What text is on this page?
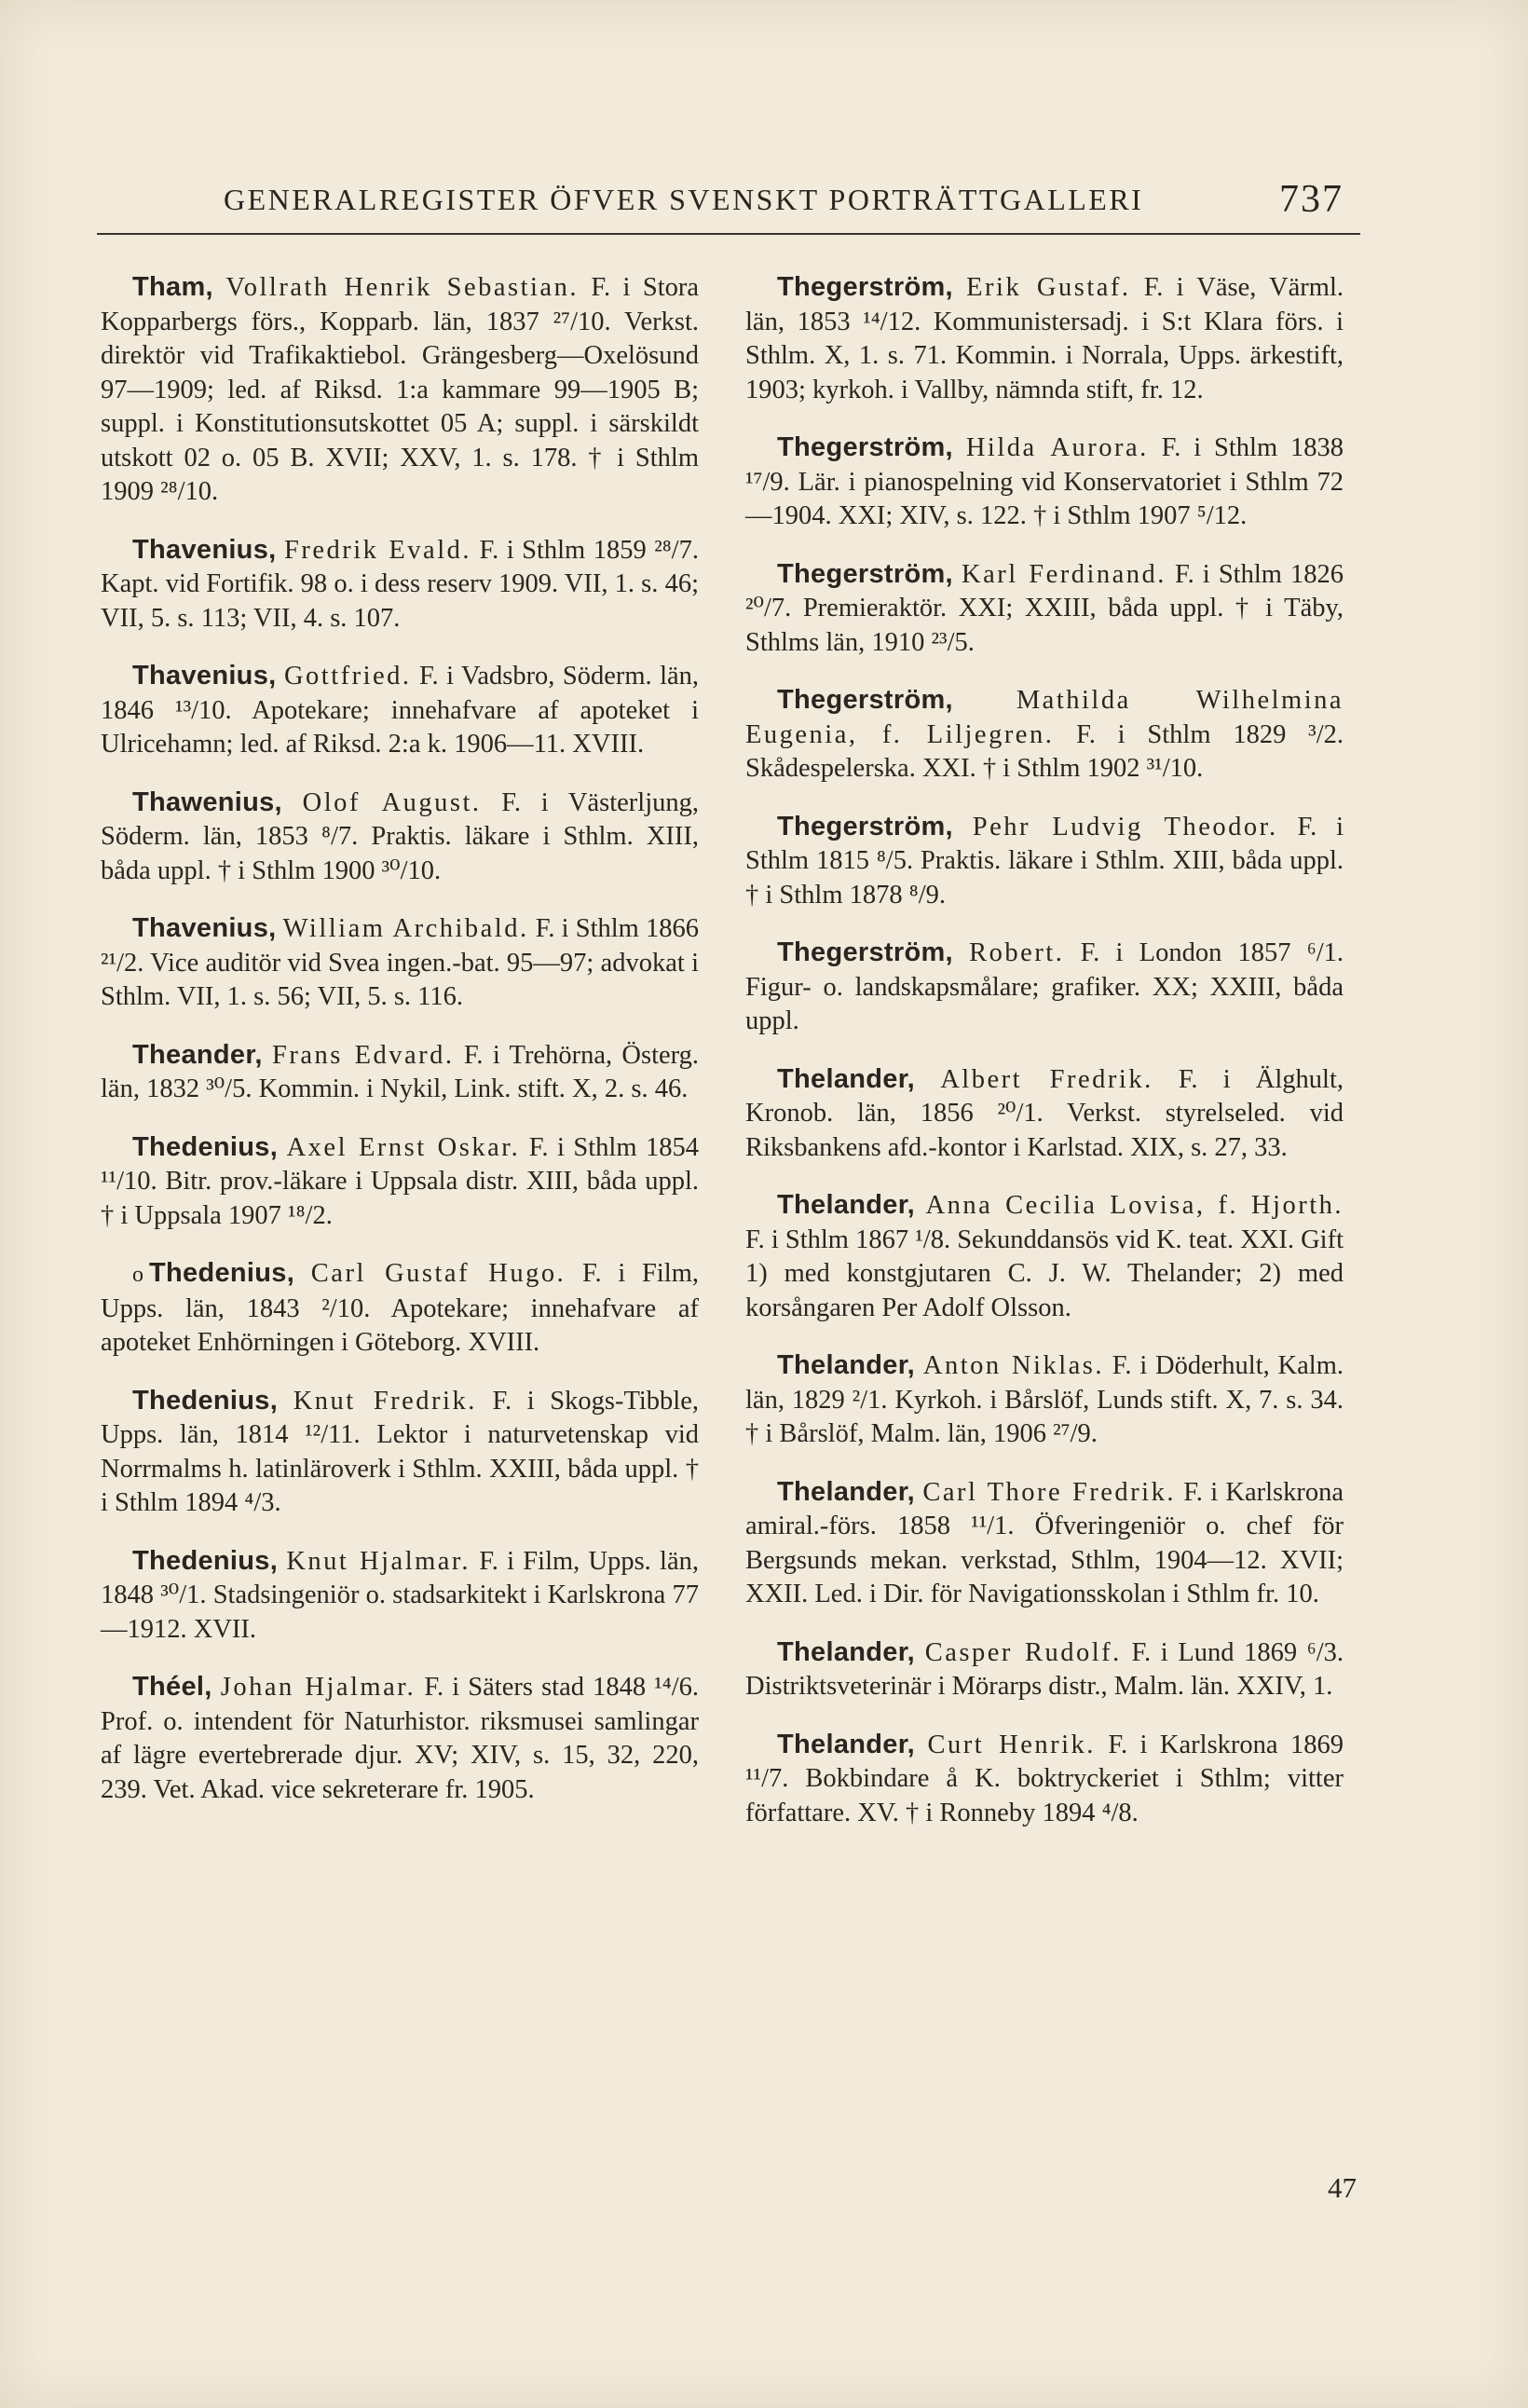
GENERALREGISTER ÖFVER SVENSKT PORTRÄTTGALLERI	737
Tham, Vollrath Henrik Sebastian. F. i Stora Kopparbergs förs., Kopparb. län, 1837 ²⁷/10. Verkst. direktör vid Trafikaktiebol. Grängesberg—Oxelösund 97—1909; led. af Riksd. 1:a kammare 99—1905 B; suppl. i Konstitutionsutskottet 05 A; suppl. i särskildt utskott 02 o. 05 B. XVII; XXV, 1. s. 178. † i Sthlm 1909 ²⁸/10.
Thavenius, Fredrik Evald. F. i Sthlm 1859 ²⁸/7. Kapt. vid Fortifik. 98 o. i dess reserv 1909. VII, 1. s. 46; VII, 5. s. 113; VII, 4. s. 107.
Thavenius, Gottfried. F. i Vadsbro, Söderm. län, 1846 ¹³/10. Apotekare; innehafvare af apoteket i Ulricehamn; led. af Riksd. 2:a k. 1906—11. XVIII.
Thawenius, Olof August. F. i Västerljung, Söderm. län, 1853 ⁸/7. Praktis. läkare i Sthlm. XIII, båda uppl. † i Sthlm 1900 ³⁰/10.
Thavenius, William Archibald. F. i Sthlm 1866 ²¹/2. Vice auditör vid Svea ingen.-bat. 95—97; advokat i Sthlm. VII, 1. s. 56; VII, 5. s. 116.
Theander, Frans Edvard. F. i Trehörna, Österg. län, 1832 ³⁰/5. Kommin. i Nykil, Link. stift. X, 2. s. 46.
Thedenius, Axel Ernst Oskar. F. i Sthlm 1854 ¹¹/10. Bitr. prov.-läkare i Uppsala distr. XIII, båda uppl. † i Uppsala 1907 ¹⁸/2.
o Thedenius, Carl Gustaf Hugo. F. i Film, Upps. län, 1843 ²/10. Apotekare; innehafvare af apoteket Enhörningen i Göteborg. XVIII.
Thedenius, Knut Fredrik. F. i Skogs-Tibble, Upps. län, 1814 ¹²/11. Lektor i naturvetenskap vid Norrmalms h. latinläroverk i Sthlm. XXIII, båda uppl. † i Sthlm 1894 ⁴/3.
Thedenius, Knut Hjalmar. F. i Film, Upps. län, 1848 ³⁰/1. Stadsingeniör o. stadsarkitekt i Karlskrona 77—1912. XVII.
Théel, Johan Hjalmar. F. i Säters stad 1848 ¹⁴/6. Prof. o. intendent för Naturhistor. riksmusei samlingar af lägre evertebrerade djur. XV; XIV, s. 15, 32, 220, 239. Vet. Akad. vice sekreterare fr. 1905.
Thegerström, Erik Gustaf. F. i Väse, Värml. län, 1853 ¹⁴/12. Kommunistersadj. i S:t Klara förs. i Sthlm. X, 1. s. 71. Kommin. i Norrala, Upps. ärkestift, 1903; kyrkoh. i Vallby, nämnda stift, fr. 12.
Thegerström, Hilda Aurora. F. i Sthlm 1838 ¹⁷/9. Lär. i pianospelning vid Konservatoriet i Sthlm 72—1904. XXI; XIV, s. 122. † i Sthlm 1907 ⁵/12.
Thegerström, Karl Ferdinand. F. i Sthlm 1826 ²⁰/7. Premieraktör. XXI; XXIII, båda uppl. † i Täby, Sthlms län, 1910 ²³/5.
Thegerström, Mathilda Wilhelmina Eugenia, f. Liljegren. F. i Sthlm 1829 ³/2. Skådespelerska. XXI. † i Sthlm 1902 ³¹/10.
Thegerström, Pehr Ludvig Theodor. F. i Sthlm 1815 ⁸/5. Praktis. läkare i Sthlm. XIII, båda uppl. † i Sthlm 1878 ⁸/9.
Thegerström, Robert. F. i London 1857 ⁶/1. Figur- o. landskapsmålare; grafiker. XX; XXIII, båda uppl.
Thelander, Albert Fredrik. F. i Älghult, Kronob. län, 1856 ²⁰/1. Verkst. styrelseled. vid Riksbankens afd.-kontor i Karlstad. XIX, s. 27, 33.
Thelander, Anna Cecilia Lovisa, f. Hjorth. F. i Sthlm 1867 ¹/8. Sekunddansös vid K. teat. XXI. Gift 1) med konstgjutaren C. J. W. Thelander; 2) med korsångaren Per Adolf Olsson.
Thelander, Anton Niklas. F. i Döderhult, Kalm. län, 1829 ²/1. Kyrkoh. i Bårslöf, Lunds stift. X, 7. s. 34. † i Bårslöf, Malm. län, 1906 ²⁷/9.
Thelander, Carl Thore Fredrik. F. i Karlskrona amiral.-förs. 1858 ¹¹/1. Öfveringeniör o. chef för Bergsunds mekan. verkstad, Sthlm, 1904—12. XVII; XXII. Led. i Dir. för Navigationsskolan i Sthlm fr. 10.
Thelander, Casper Rudolf. F. i Lund 1869 ⁶/3. Distriktsveterinär i Mörarps distr., Malm. län. XXIV, 1.
Thelander, Curt Henrik. F. i Karlskrona 1869 ¹¹/7. Bokbindare å K. boktryckeriet i Sthlm; vitter författare. XV. † i Ronneby 1894 ⁴/8.
47
